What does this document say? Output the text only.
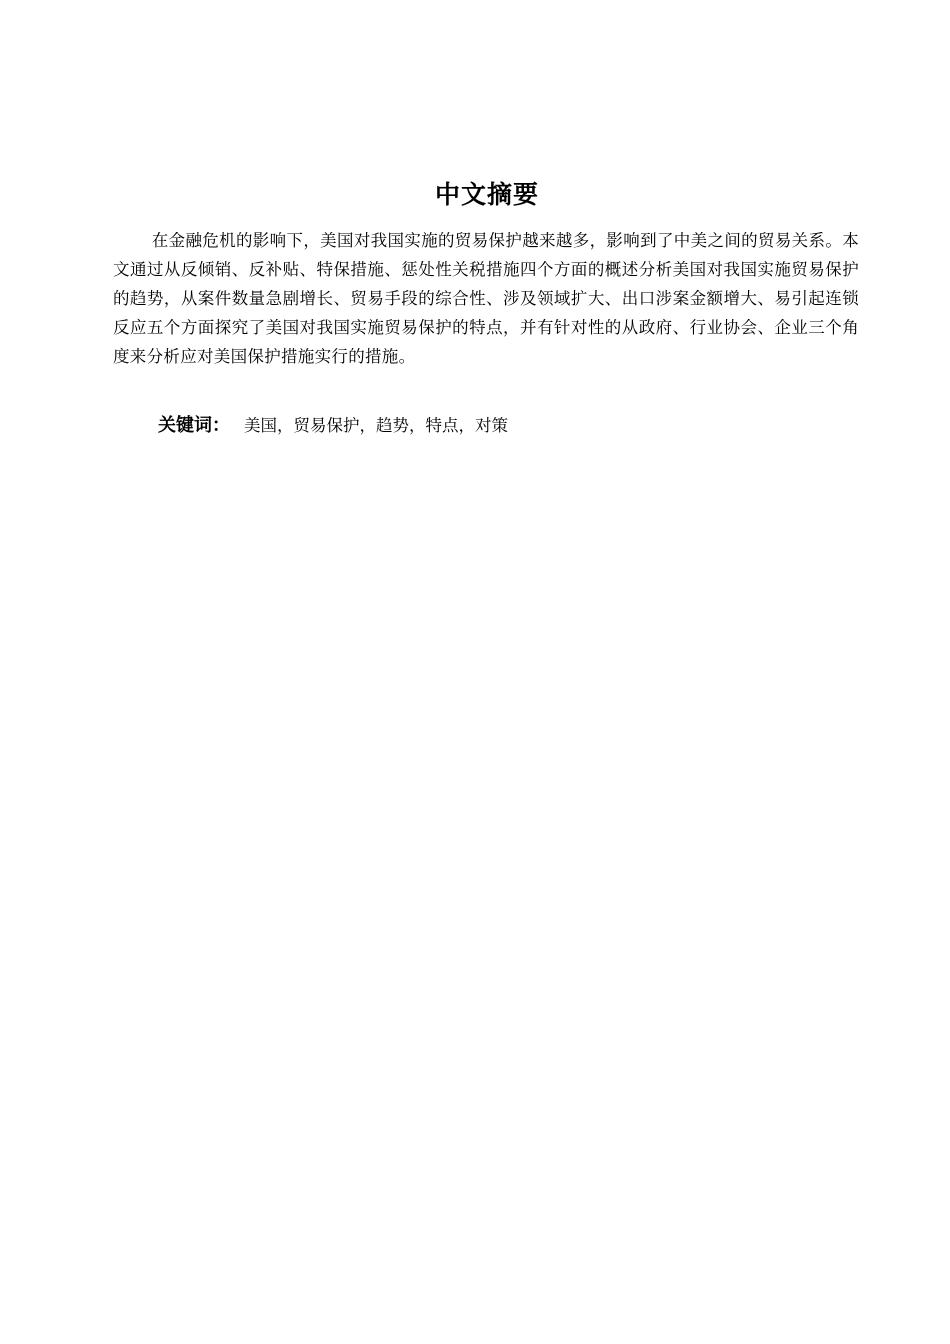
中文摘要

在金融危机的影响下，美国对我国实施的贸易保护越来越多，影响到了中美之间的贸易关系。本文通过从反倾销、反补贴、特保措施、惩处性关税措施四个方面的概述分析美国对我国实施贸易保护的趋势，从案件数量急剧增长、贸易手段的综合性、涉及领域扩大、出口涉案金额增大、易引起连锁反应五个方面探究了美国对我国实施贸易保护的特点，并有针对性的从政府、行业协会、企业三个角度来分析应对美国保护措施实行的措施。

关键词： 美国，贸易保护，趋势，特点，对策
